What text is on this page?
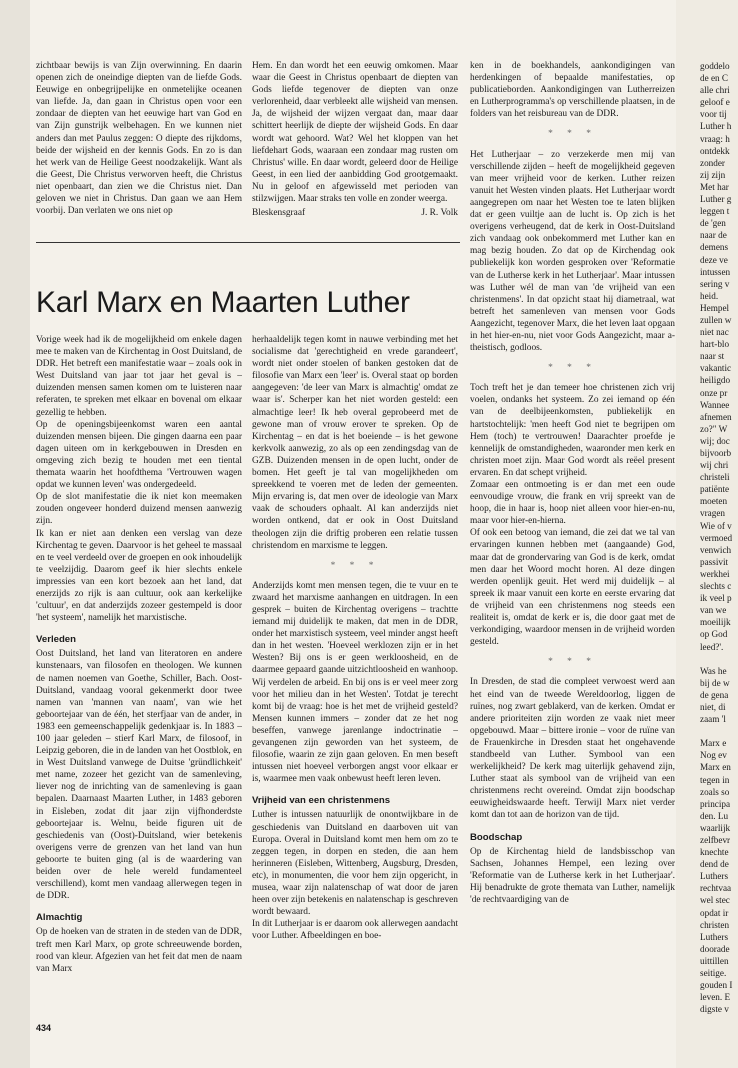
zichtbaar bewijs is van Zijn overwinning. En daarin openen zich de oneindige diepten van de liefde Gods. Eeuwige en onbegrijpelijke en onmetelijke oceanen van liefde. Ja, dan gaan in Christus open voor een zondaar de diepten van het eeuwige hart van God en van Zijn gunstrijk welbehagen. En we kunnen niet anders dan met Paulus zeggen: O diepte des rijkdoms, beide der wijsheid en der kennis Gods. En zo is dan het werk van de Heilige Geest noodzakelijk. Want als die Geest, Die Christus verworven heeft, die Christus niet openbaart, dan zien we die Christus niet. Dan geloven we niet in Christus. Dan gaan we aan Hem voorbij. Dan verlaten we ons niet op

Hem. En dan wordt het een eeuwig omkomen. Maar waar die Geest in Christus openbaart de diepten van Gods liefde tegenover de diepten van onze verlorenheid, daar verbleekt alle wijsheid van mensen. Ja, de wijsheid der wijzen vergaat dan, maar daar schittert heerlijk de diepte der wijsheid Gods. En daar wordt wat gehoord. Wat? Wel het kloppen van het liefdehart Gods, waaraan een zondaar mag rusten om Christus' wille. En daar wordt, geleerd door de Heilige Geest, in een lied der aanbidding God grootgemaakt. Nu in geloof en afgewisseld met perioden van stilzwijgen. Maar straks ten volle en zonder weerga.

Bleskensgraaf	J. R. Volk
Karl Marx en Maarten Luther

Vorige week had ik de mogelijkheid om enkele dagen mee te maken van de Kirchentag in Oost Duitsland, de DDR. Het betreft een manifestatie waar – zoals ook in West Duitsland van jaar tot jaar het geval is – duizenden mensen samen komen om te luisteren naar referaten, te spreken met elkaar en bovenal om elkaar gezellig te hebben.

Op de openingsbijeenkomst waren een aantal duizenden mensen bijeen. Die gingen daarna een paar dagen uiteen om in kerkgebouwen in Dresden en omgeving zich bezig te houden met een tiental themata waarin het hoofdthema 'Vertrouwen wagen opdat we kunnen leven' was ondergedeeld.

Op de slot manifestatie die ik niet kon meemaken zouden ongeveer honderd duizend mensen aanwezig zijn.

Ik kan er niet aan denken een verslag van deze Kirchentag te geven. Daarvoor is het geheel te massaal en te veel verdeeld over de groepen en ook inhoudelijk te veelzijdig. Daarom geef ik hier slechts enkele impressies van een kort bezoek aan het land, dat enerzijds zo rijk is aan cultuur, ook aan kerkelijke 'cultuur', en dat anderzijds zozeer gestempeld is door 'het systeem', namelijk het marxistische.

Verleden

Oost Duitsland, het land van literatoren en andere kunstenaars, van filosofen en theologen. We kunnen de namen noemen van Goethe, Schiller, Bach. Oost-Duitsland, vandaag vooral gekenmerkt door twee namen van 'mannen van naam', van wie het geboortejaar van de één, het sterfjaar van de ander, in 1983 een gemeenschappelijk gedenkjaar is. In 1883 – 100 jaar geleden – stierf Karl Marx, de filosoof, in Leipzig geboren, die in de landen van het Oostblok, en in West Duitsland vanwege de Duitse 'gründlichkeit' met name, zozeer het gezicht van de samenleving, liever nog de inrichting van de samenleving is gaan bepalen. Daarnaast Maarten Luther, in 1483 geboren in Eisleben, zodat dit jaar zijn vijfhonderdste geboortejaar is. Welnu, beide figuren uit de geschiedenis van (Oost)-Duitsland, wier betekenis overigens verre de grenzen van het land van hun geboorte te buiten ging (al is de waardering van beiden over de hele wereld fundamenteel verschillend), komt men vandaag allerwegen tegen in de DDR.

Almachtig

Op de hoeken van de straten in de steden van de DDR, treft men Karl Marx, op grote schreeuwende borden, rood van kleur. Afgezien van het feit dat men de naam van Marx

herhaaldelijk tegen komt in nauwe verbinding met het socialisme dat 'gerechtigheid en vrede garandeert', wordt niet onder stoelen of banken gestoken dat de filosofie van Marx een 'leer' is. Overal staat op borden aangegeven: 'de leer van Marx is almachtig' omdat ze waar is'. Scherper kan het niet worden gesteld: een almachtige leer! Ik heb overal geprobeerd met de gewone man of vrouw erover te spreken. Op de Kirchentag – en dat is het boeiende – is het gewone kerkvolk aanwezig, zo als op een zendingsdag van de GZB. Duizenden mensen in de open lucht, onder de bomen. Het geeft je tal van mogelijkheden om spreekkend te voeren met de leden der gemeenten. Mijn ervaring is, dat men over de ideologie van Marx vaak de schouders ophaalt. Al kan anderzijds niet worden ontkend, dat er ook in Oost Duitsland theologen zijn die driftig proberen een relatie tussen christendom en marxisme te leggen.

* * *

Anderzijds komt men mensen tegen, die te vuur en te zwaard het marxisme aanhangen en uitdragen. In een gesprek – buiten de Kirchentag overigens – trachtte iemand mij duidelijk te maken, dat men in de DDR, onder het marxistisch systeem, veel minder angst heeft dan in het westen. 'Hoeveel werklozen zijn er in het Westen? Bij ons is er geen werkloosheid, en de daarmee gepaard gaande uitzichtloosheid en wanhoop. Wij verdelen de arbeid. En bij ons is er veel meer zorg voor het milieu dan in het Westen'. Totdat je terecht komt bij de vraag: hoe is het met de vrijheid gesteld? Mensen kunnen immers – zonder dat ze het nog beseffen, vanwege jarenlange indoctrinatie – gevangenen zijn geworden van het systeem, de filosofie, waarin ze zijn gaan geloven. En men beseft intussen niet hoeveel verborgen angst voor elkaar er is, waarmee men vaak onbewust heeft leren leven.

Vrijheid van een christenmens

Luther is intussen natuurlijk de onontwijkbare in de geschiedenis van Duitsland en daarboven uit van Europa. Overal in Duitsland komt men hem om zo te zeggen tegen, in dorpen en steden, die aan hem herinneren (Eisleben, Wittenberg, Augsburg, Dresden, etc), in monumenten, die voor hem zijn opgericht, in musea, waar zijn nalatenschap of wat door de jaren heen over zijn betekenis en nalatenschap is geschreven wordt bewaard.

In dit Lutherjaar is er daarom ook allerwegen aandacht voor Luther. Afbeeldingen en boe-

ken in de boekhandels, aankondigingen van herdenkingen of bepaalde manifestaties, op publicatieborden. Aankondigingen van Lutherreizen en Lutherprogramma's op verschillende plaatsen, in de folders van het reisbureau van de DDR.

* * *

Het Lutherjaar – zo verzekerde men mij van verschillende zijden – heeft de mogelijkheid gegeven van meer vrijheid voor de kerken. Luther reizen vanuit het Westen vinden plaats. Het Lutherjaar wordt aangegrepen om naar het Westen toe te laten blijken dat er geen vuiltje aan de lucht is. Op zich is het overigens verheugend, dat de kerk in Oost-Duitsland zich vandaag ook onbekommerd met Luther kan en mag bezig houden. Zo dat op de Kirchendag ook publiekelijk kon worden gesproken over 'Reformatie van de Lutherse kerk in het Lutherjaar'. Maar intussen was Luther wél de man van 'de vrijheid van een christenmens'. In dat opzicht staat hij diametraal, wat betreft het samenleven van mensen voor Gods Aangezicht, tegenover Marx, die het leven laat opgaan in het hier-en-nu, niet voor Gods Aangezicht, maar a-theistisch, godloos.

* * *

Toch treft het je dan temeer hoe christenen zich vrij voelen, ondanks het systeem. Zo zei iemand op één van de deelbijeenkomsten, publiekelijk en hartstochtelijk: 'men heeft God niet te begrijpen om Hem (toch) te vertrouwen! Daarachter proefde je kennelijk de omstandigheden, waaronder men kerk en christen moet zijn. Maar God wordt als reëel present ervaren. En dat schept vrijheid.

Zomaar een ontmoeting is er dan met een oude eenvoudige vrouw, die frank en vrij spreekt van de hoop, die in haar is, hoop niet alleen voor hier-en-nu, maar voor hier-en-hierna.

Of ook een betoog van iemand, die zei dat we tal van ervaringen kunnen hebben met (aangaande) God, maar dat de grondervaring van God is de kerk, omdat men daar het Woord mocht horen. Al deze dingen werden openlijk geuit. Het werd mij duidelijk – al spreek ik maar vanuit een korte en eerste ervaring dat de vrijheid van een christenmens nog steeds een realiteit is, omdat de kerk er is, die door gaat met de verkondiging, waardoor mensen in de vrijheid worden gesteld.

* * *

In Dresden, de stad die compleet verwoest werd aan het eind van de tweede Wereldoorlog, liggen de ruïnes, nog zwart geblakerd, van de kerken. Omdat er andere prioriteiten zijn worden ze vaak niet meer opgebouwd. Maar – bittere ironie – voor de ruïne van de Frauenkirche in Dresden staat het ongehavende standbeeld van Luther. Symbool van een werkelijkheid? De kerk mag uiterlijk gehavend zijn, Luther staat als symbool van de vrijheid van een christenmens recht overeind. Omdat zijn boodschap eeuwigheidswaarde heeft. Terwijl Marx niet verder komt dan tot aan de horizon van de tijd.

Boodschap

Op de Kirchentag hield de landsbisschop van Sachsen, Johannes Hempel, een lezing over 'Reformatie van de Lutherse kerk in het Lutherjaar'. Hij benadrukte de grote themata van Luther, namelijk 'de rechtvaardiging van de

goddelo

de en C

alle chri

geloof e

voor tij

Luther h

vraag: h

ontdekk

zonder

zij zijn

Met har

Luther g

leggen t

de 'gen

naar de

demens

deze ve

intussen

sering v

heid.

Hempel

zullen w

niet nac

hart-blo

naar st

vakantic

heiligdo

onze pr

Wannee

afnemen

zo?" W

wij; doc

bijvoorb

wij chri

christeli

patiënte

moeten

vragen

Wie of v

vermoed

venwich

passivit

werkhei

slechts c

ik veel p

van we

moeilijk

op God

leed?'.

Was he

bij de w

de gena

niet, di

zaam 'l

Marx e

Nog ev

Marx en

tegen in

zoals so

principa

den. Lu

waarlijk

zelfbevr

knechte

dend de

Luthers

rechtvaa

wel stec

opdat ir

christen

Luthers

doorade

uittillen

seitige.

gouden I

leven. E

digste v

434
